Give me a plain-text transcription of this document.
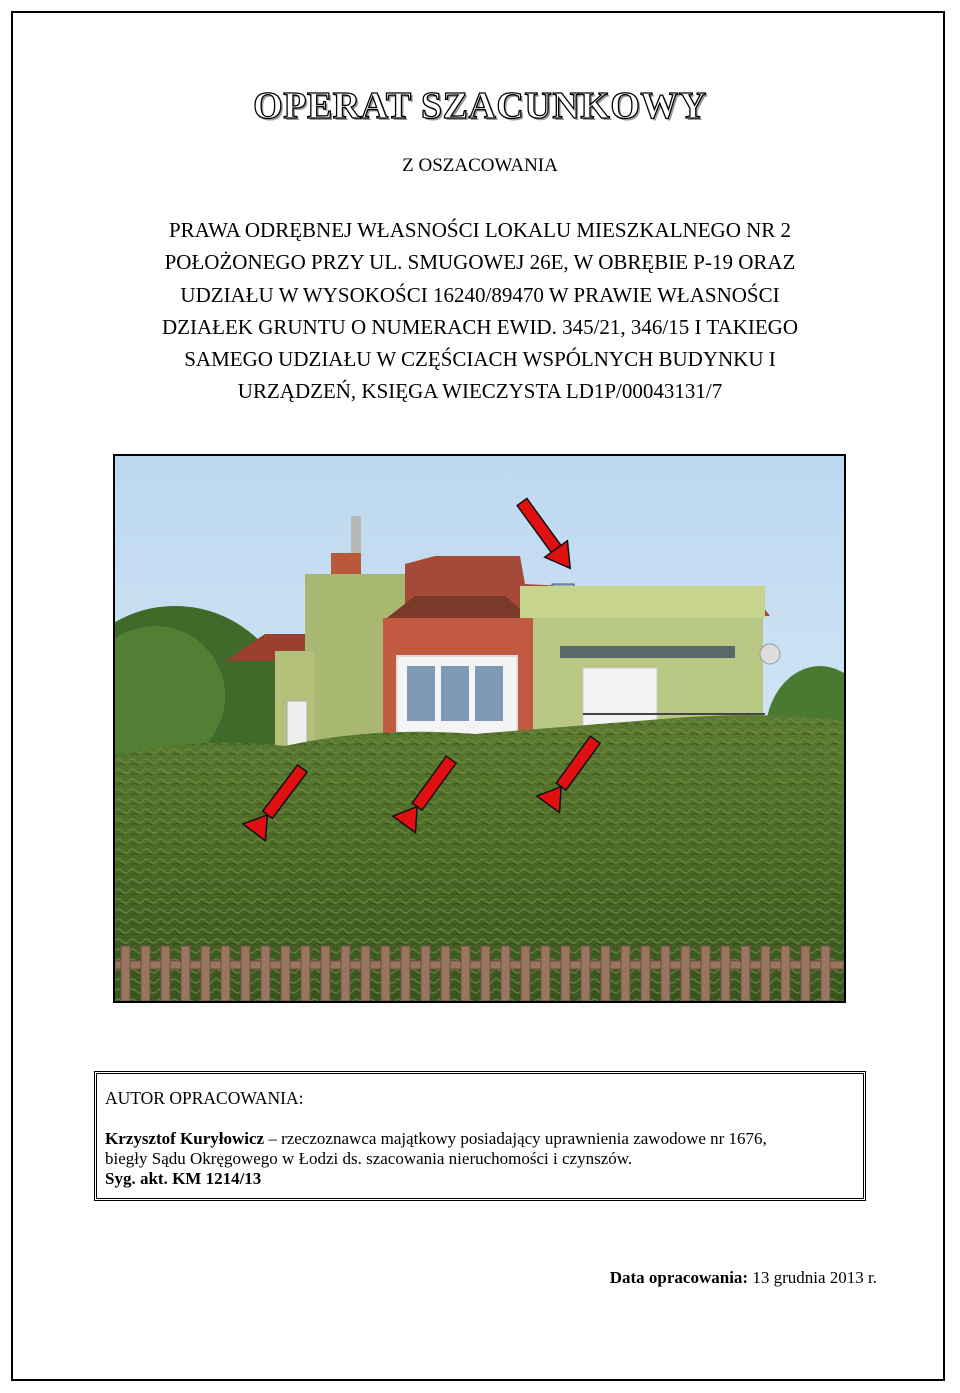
OPERAT SZACUNKOWY
Z OSZACOWANIA
PRAWA ODRĘBNEJ WŁASNOŚCI LOKALU MIESZKALNEGO NR 2
POŁOŻONEGO PRZY UL. SMUGOWEJ 26E, W OBRĘBIE P-19 ORAZ
UDZIAŁU W WYSOKOŚCI 16240/89470 W PRAWIE WŁASNOŚCI
DZIAŁEK GRUNTU O NUMERACH EWID. 345/21, 346/15 I TAKIEGO
SAMEGO UDZIAŁU W CZĘŚCIACH WSPÓLNYCH BUDYNKU I
URZĄDZEŃ, KSIĘGA WIECZYSTA LD1P/00043131/7
AUTOR OPRACOWANIA:
Krzysztof Kuryłowicz – rzeczoznawca majątkowy posiadający uprawnienia zawodowe nr 1676,
biegły Sądu Okręgowego w Łodzi ds. szacowania nieruchomości i czynszów.
Syg. akt. KM 1214/13
Data opracowania: 13 grudnia 2013 r.
